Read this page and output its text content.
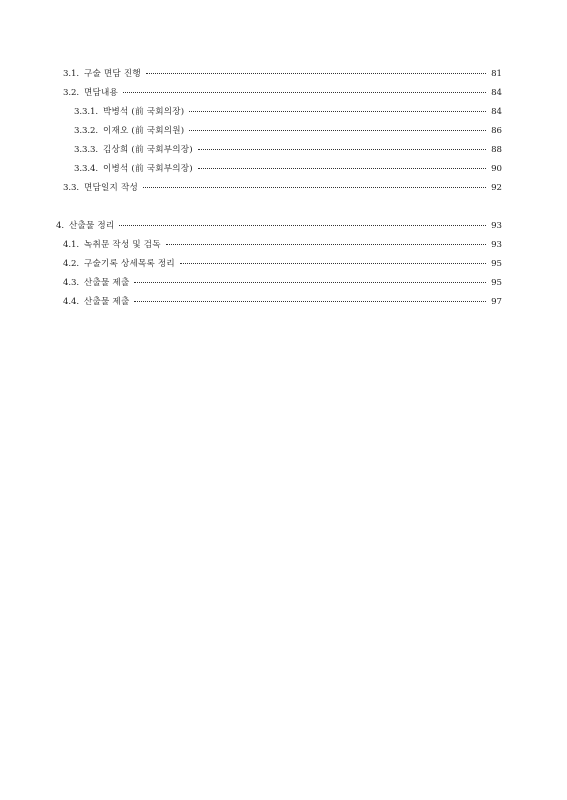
3.1. 구술 면담 진행	81
3.2. 면담내용	84
3.3.1. 박병석 (前 국회의장)	84
3.3.2. 이재오 (前 국회의원)	86
3.3.3. 김상희 (前 국회부의장)	88
3.3.4. 이병석 (前 국회부의장)	90
3.3. 면담일지 작성	92
4. 산출물 정리	93
4.1. 녹취문 작성 및 검독	93
4.2. 구술기록 상세목록 정리	95
4.3. 산출물 제출	95
4.4. 산출물 제출	97
